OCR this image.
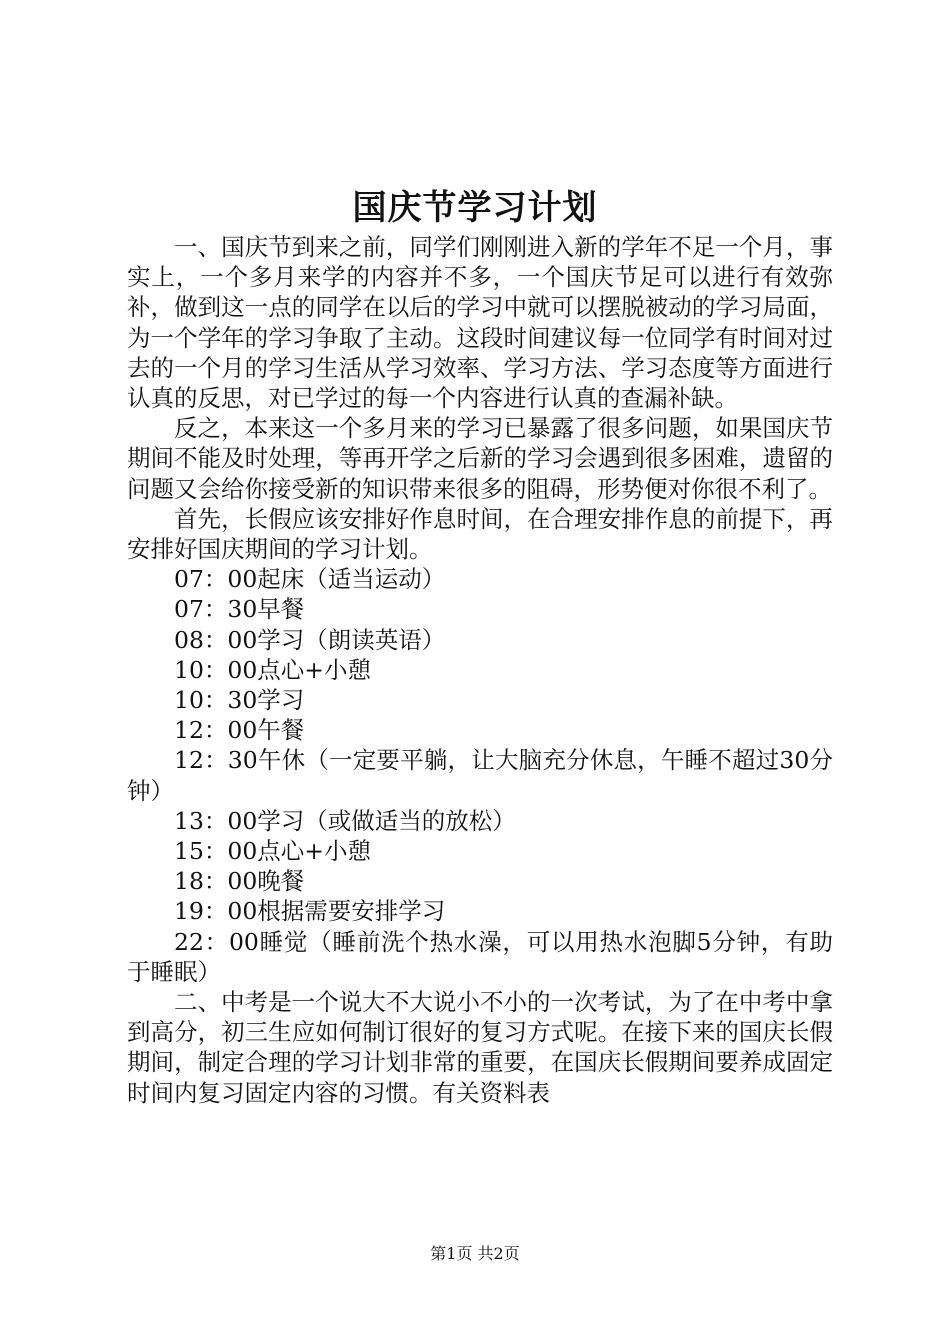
国庆节学习计划

一、国庆节到来之前，同学们刚刚进入新的学年不足一个月，事实上，一个多月来学的内容并不多，一个国庆节足可以进行有效弥补，做到这一点的同学在以后的学习中就可以摆脱被动的学习局面，为一个学年的学习争取了主动。这段时间建议每一位同学有时间对过去的一个月的学习生活从学习效率、学习方法、学习态度等方面进行认真的反思，对已学过的每一个内容进行认真的查漏补缺。

反之，本来这一个多月来的学习已暴露了很多问题，如果国庆节期间不能及时处理，等再开学之后新的学习会遇到很多困难，遗留的问题又会给你接受新的知识带来很多的阻碍，形势便对你很不利了。

首先，长假应该安排好作息时间，在合理安排作息的前提下，再安排好国庆期间的学习计划。

07：00起床（适当运动）

07：30早餐

08：00学习（朗读英语）

10：00点心+小憩

10：30学习

12：00午餐

12：30午休（一定要平躺，让大脑充分休息，午睡不超过30分钟）

13：00学习（或做适当的放松）

15：00点心+小憩

18：00晚餐

19：00根据需要安排学习

22：00睡觉（睡前洗个热水澡，可以用热水泡脚5分钟，有助于睡眠）

二、中考是一个说大不大说小不小的一次考试，为了在中考中拿到高分，初三生应如何制订很好的复习方式呢。在接下来的国庆长假期间，制定合理的学习计划非常的重要，在国庆长假期间要养成固定时间内复习固定内容的习惯。有关资料表

第1页 共2页
